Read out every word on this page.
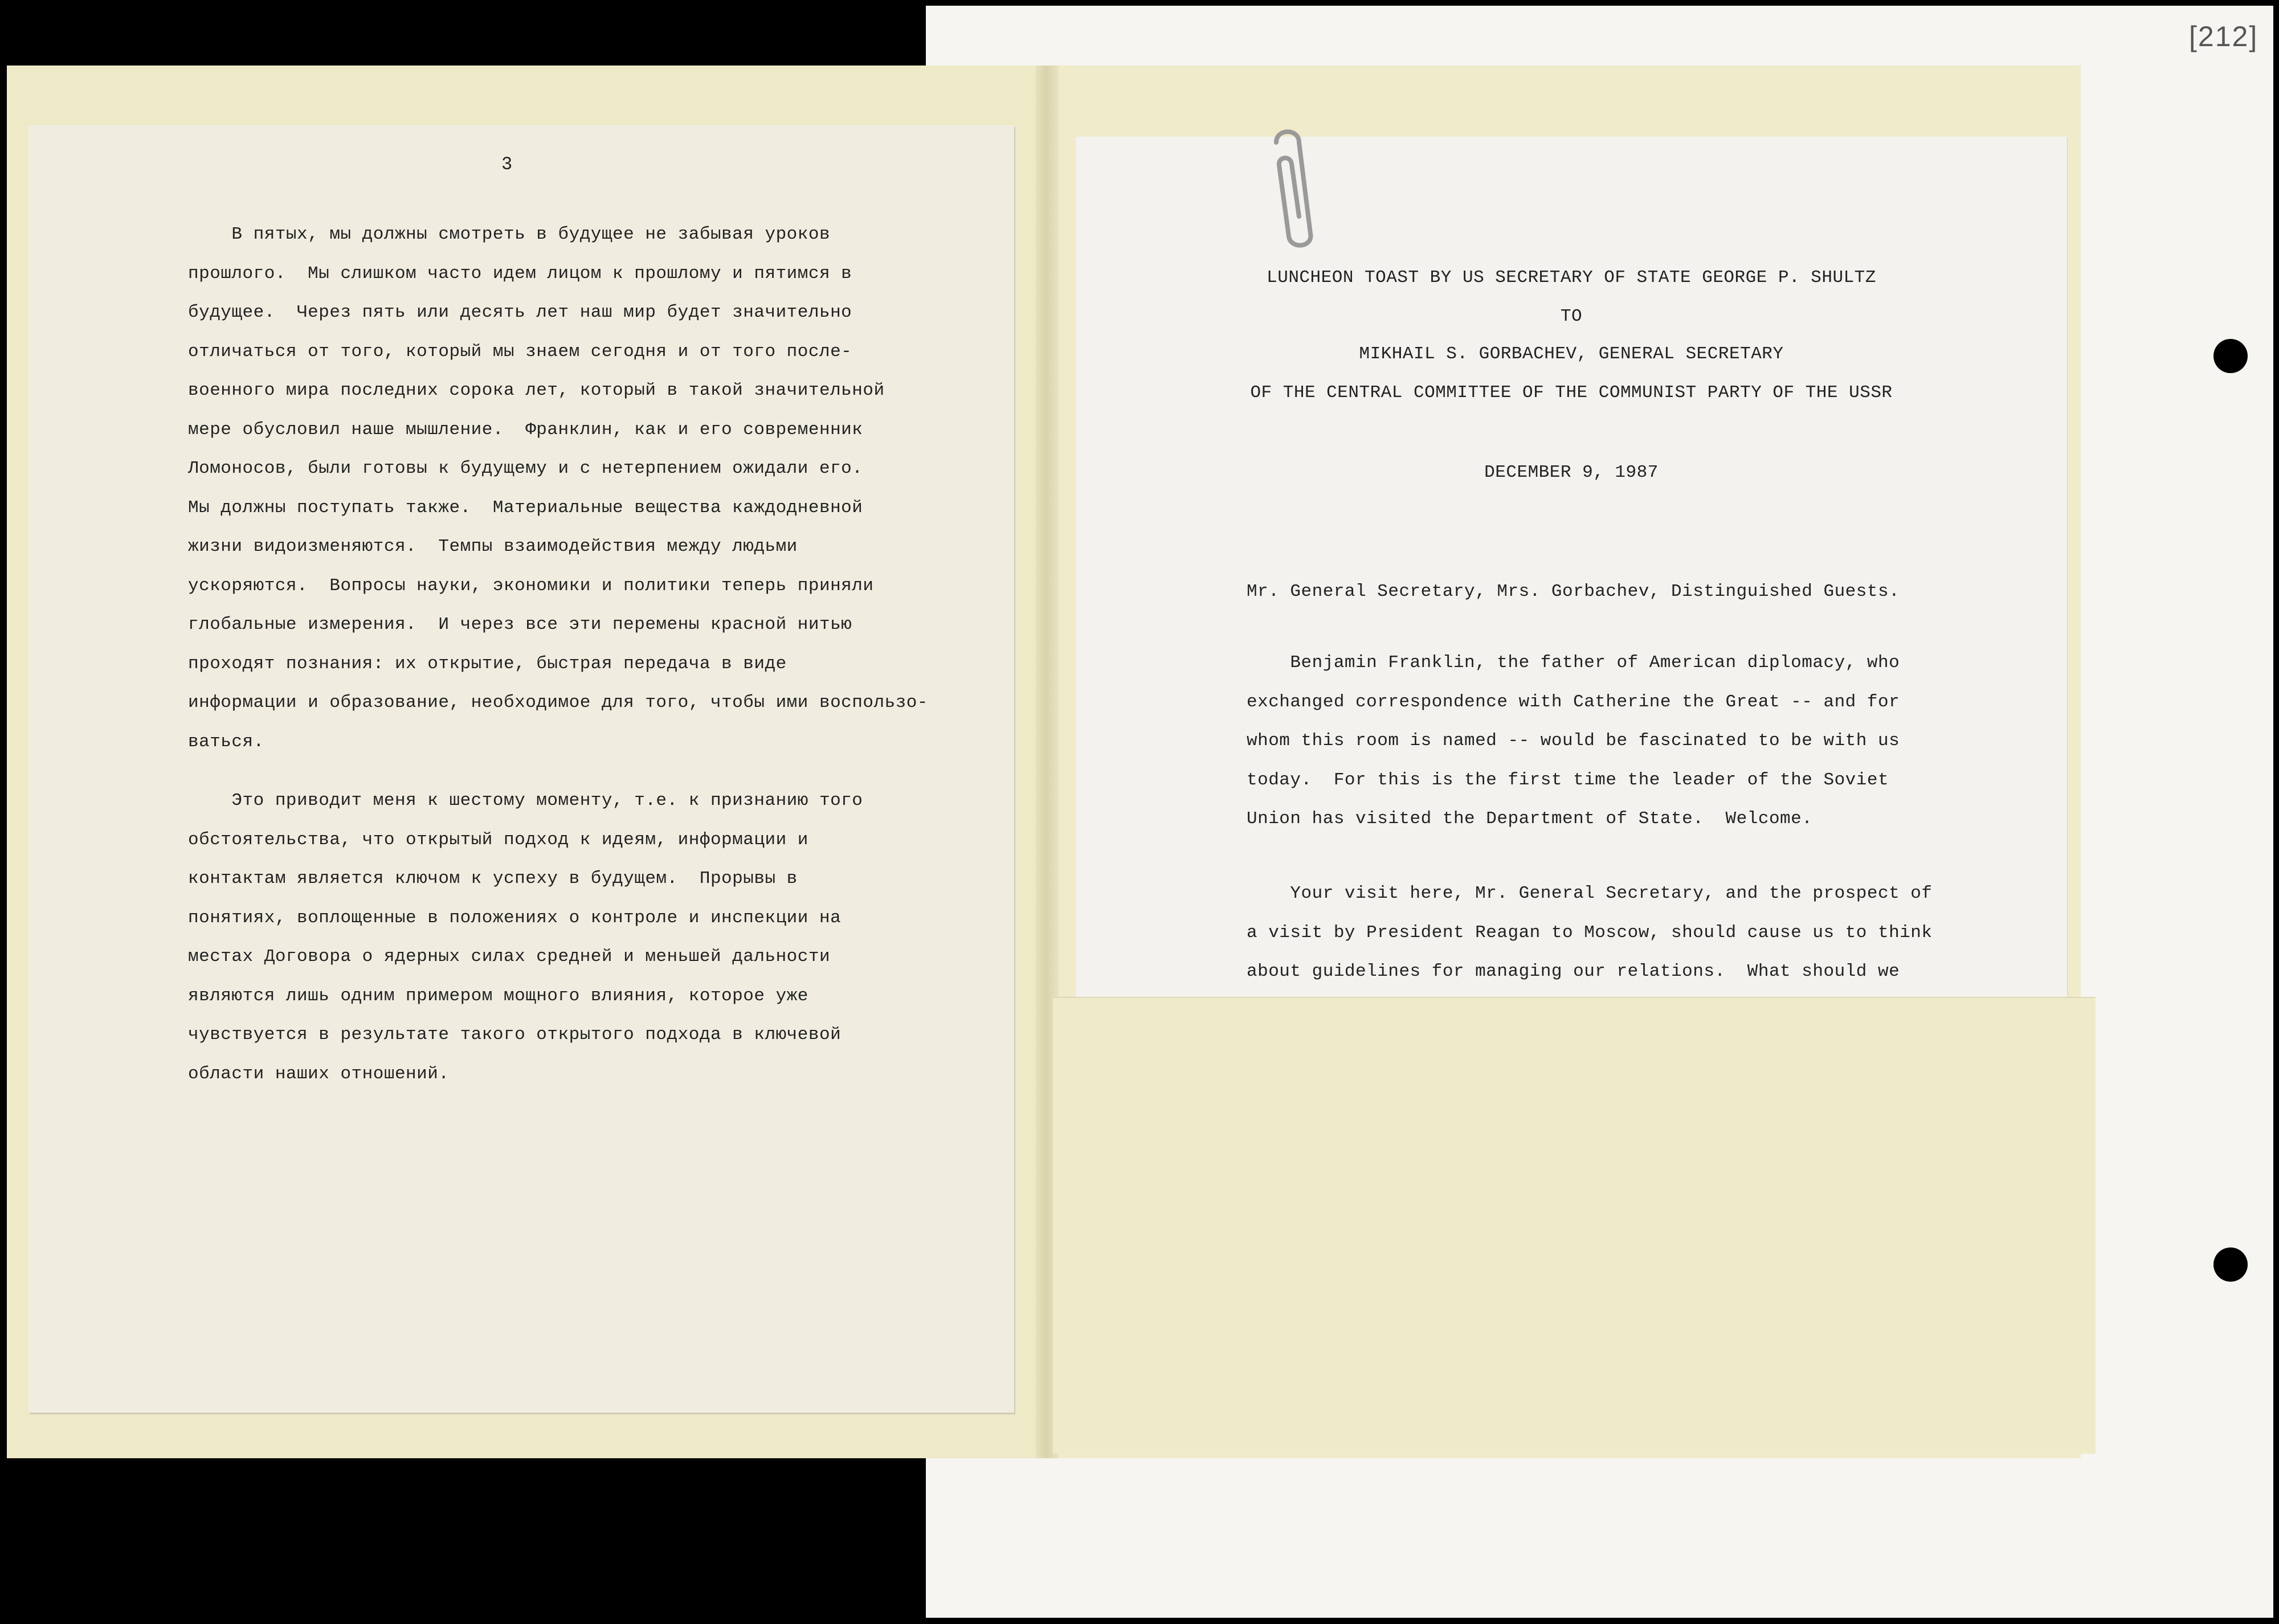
[212]
3
В пятых, мы должны смотреть в будущее не забывая уроков
прошлого.  Мы слишком часто идем лицом к прошлому и пятимся в
будущее.  Через пять или десять лет наш мир будет значительно
отличаться от того, который мы знаем сегодня и от того после-
военного мира последних сорока лет, который в такой значительной
мере обусловил наше мышление.  Франклин, как и его современник
Ломоносов, были готовы к будущему и с нетерпением ожидали его.
Мы должны поступать также.  Материальные вещества каждодневной
жизни видоизменяются.  Темпы взаимодействия между людьми
ускоряются.  Вопросы науки, экономики и политики теперь приняли
глобальные измерения.  И через все эти перемены красной нитью
проходят познания: их открытие, быстрая передача в виде
информации и образование, необходимое для того, чтобы ими воспользо-
ваться.
Это приводит меня к шестому моменту, т.е. к признанию того
обстоятельства, что открытый подход к идеям, информации и
контактам является ключом к успеху в будущем.  Прорывы в
понятиях, воплощенные в положениях о контроле и инспекции на
местах Договора о ядерных силах средней и меньшей дальности
являются лишь одним примером мощного влияния, которое уже
чувствуется в результате такого открытого подхода в ключевой
области наших отношений.
LUNCHEON TOAST BY US SECRETARY OF STATE GEORGE P. SHULTZ
TO
MIKHAIL S. GORBACHEV, GENERAL SECRETARY
OF THE CENTRAL COMMITTEE OF THE COMMUNIST PARTY OF THE USSR
DECEMBER 9, 1987
Mr. General Secretary, Mrs. Gorbachev, Distinguished Guests.
Benjamin Franklin, the father of American diplomacy, who
exchanged correspondence with Catherine the Great -- and for
whom this room is named -- would be fascinated to be with us
today.  For this is the first time the leader of the Soviet
Union has visited the Department of State.  Welcome.
Your visit here, Mr. General Secretary, and the prospect of
a visit by President Reagan to Moscow, should cause us to think
about guidelines for managing our relations.  What should we
